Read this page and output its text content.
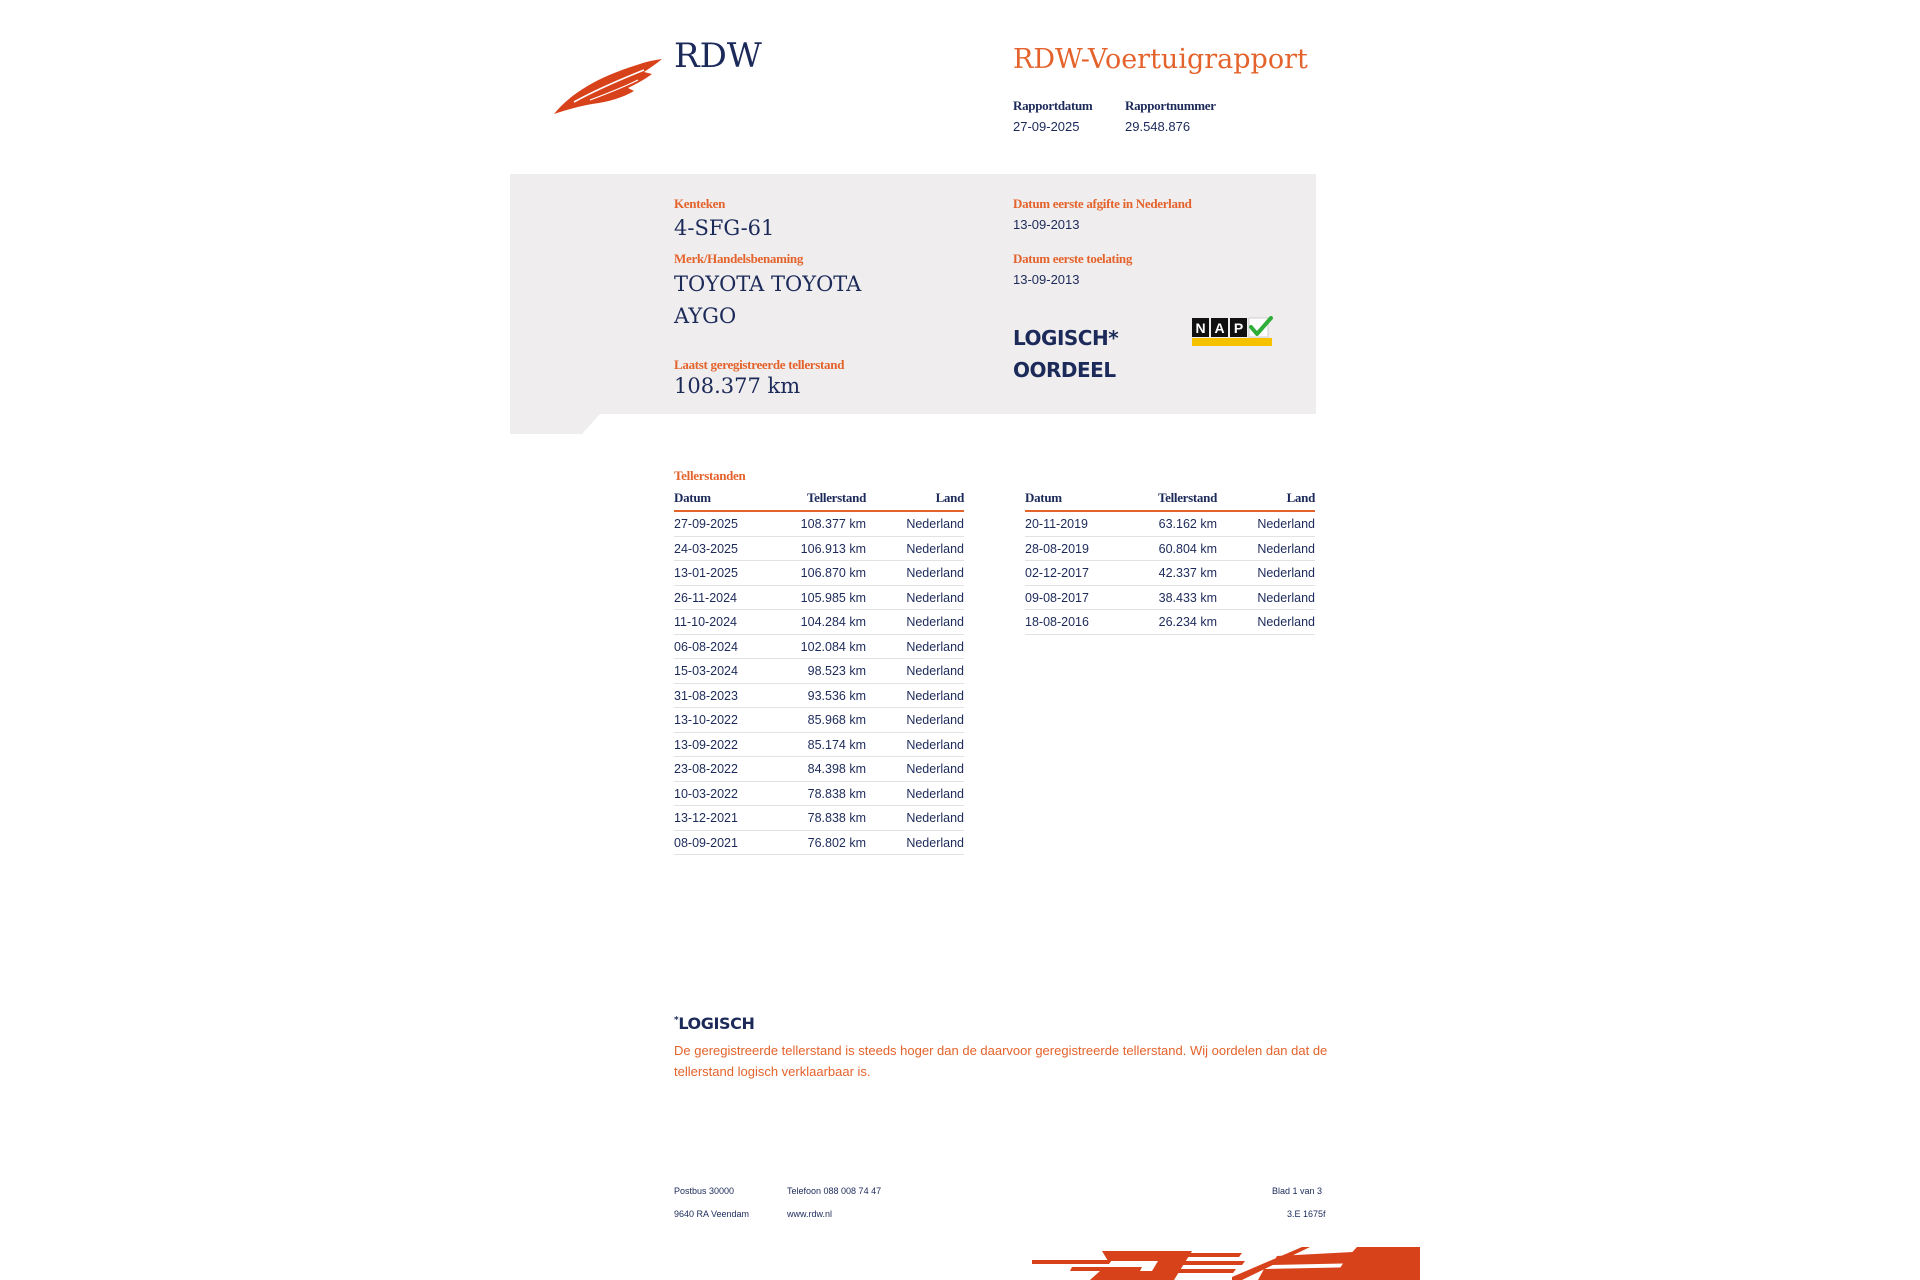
RDW	RDW-Voertuigrapport
Rapportdatum
27-09-2025
Rapportnummer
29.548.876
Kenteken
4-SFG-61
Merk/Handelsbenaming
TOYOTA TOYOTA
AYGO
Laatst geregistreerde tellerstand
108.377 km
Datum eerste afgifte in Nederland
13-09-2013
Datum eerste toelating
13-09-2013
LOGISCH*
OORDEEL
N A P
Tellerstanden
Datum	Tellerstand	Land
27-09-2025	108.377 km	Nederland
24-03-2025	106.913 km	Nederland
13-01-2025	106.870 km	Nederland
26-11-2024	105.985 km	Nederland
11-10-2024	104.284 km	Nederland
06-08-2024	102.084 km	Nederland
15-03-2024	98.523 km	Nederland
31-08-2023	93.536 km	Nederland
13-10-2022	85.968 km	Nederland
13-09-2022	85.174 km	Nederland
23-08-2022	84.398 km	Nederland
10-03-2022	78.838 km	Nederland
13-12-2021	78.838 km	Nederland
08-09-2021	76.802 km	Nederland
Datum	Tellerstand	Land
20-11-2019	63.162 km	Nederland
28-08-2019	60.804 km	Nederland
02-12-2017	42.337 km	Nederland
09-08-2017	38.433 km	Nederland
18-08-2016	26.234 km	Nederland
*LOGISCH
De geregistreerde tellerstand is steeds hoger dan de daarvoor geregistreerde tellerstand. Wij oordelen dan dat de tellerstand logisch verklaarbaar is.
Postbus 30000
9640 RA Veendam
Telefoon 088 008 74 47
www.rdw.nl
Blad 1 van 3
3.E 1675f
